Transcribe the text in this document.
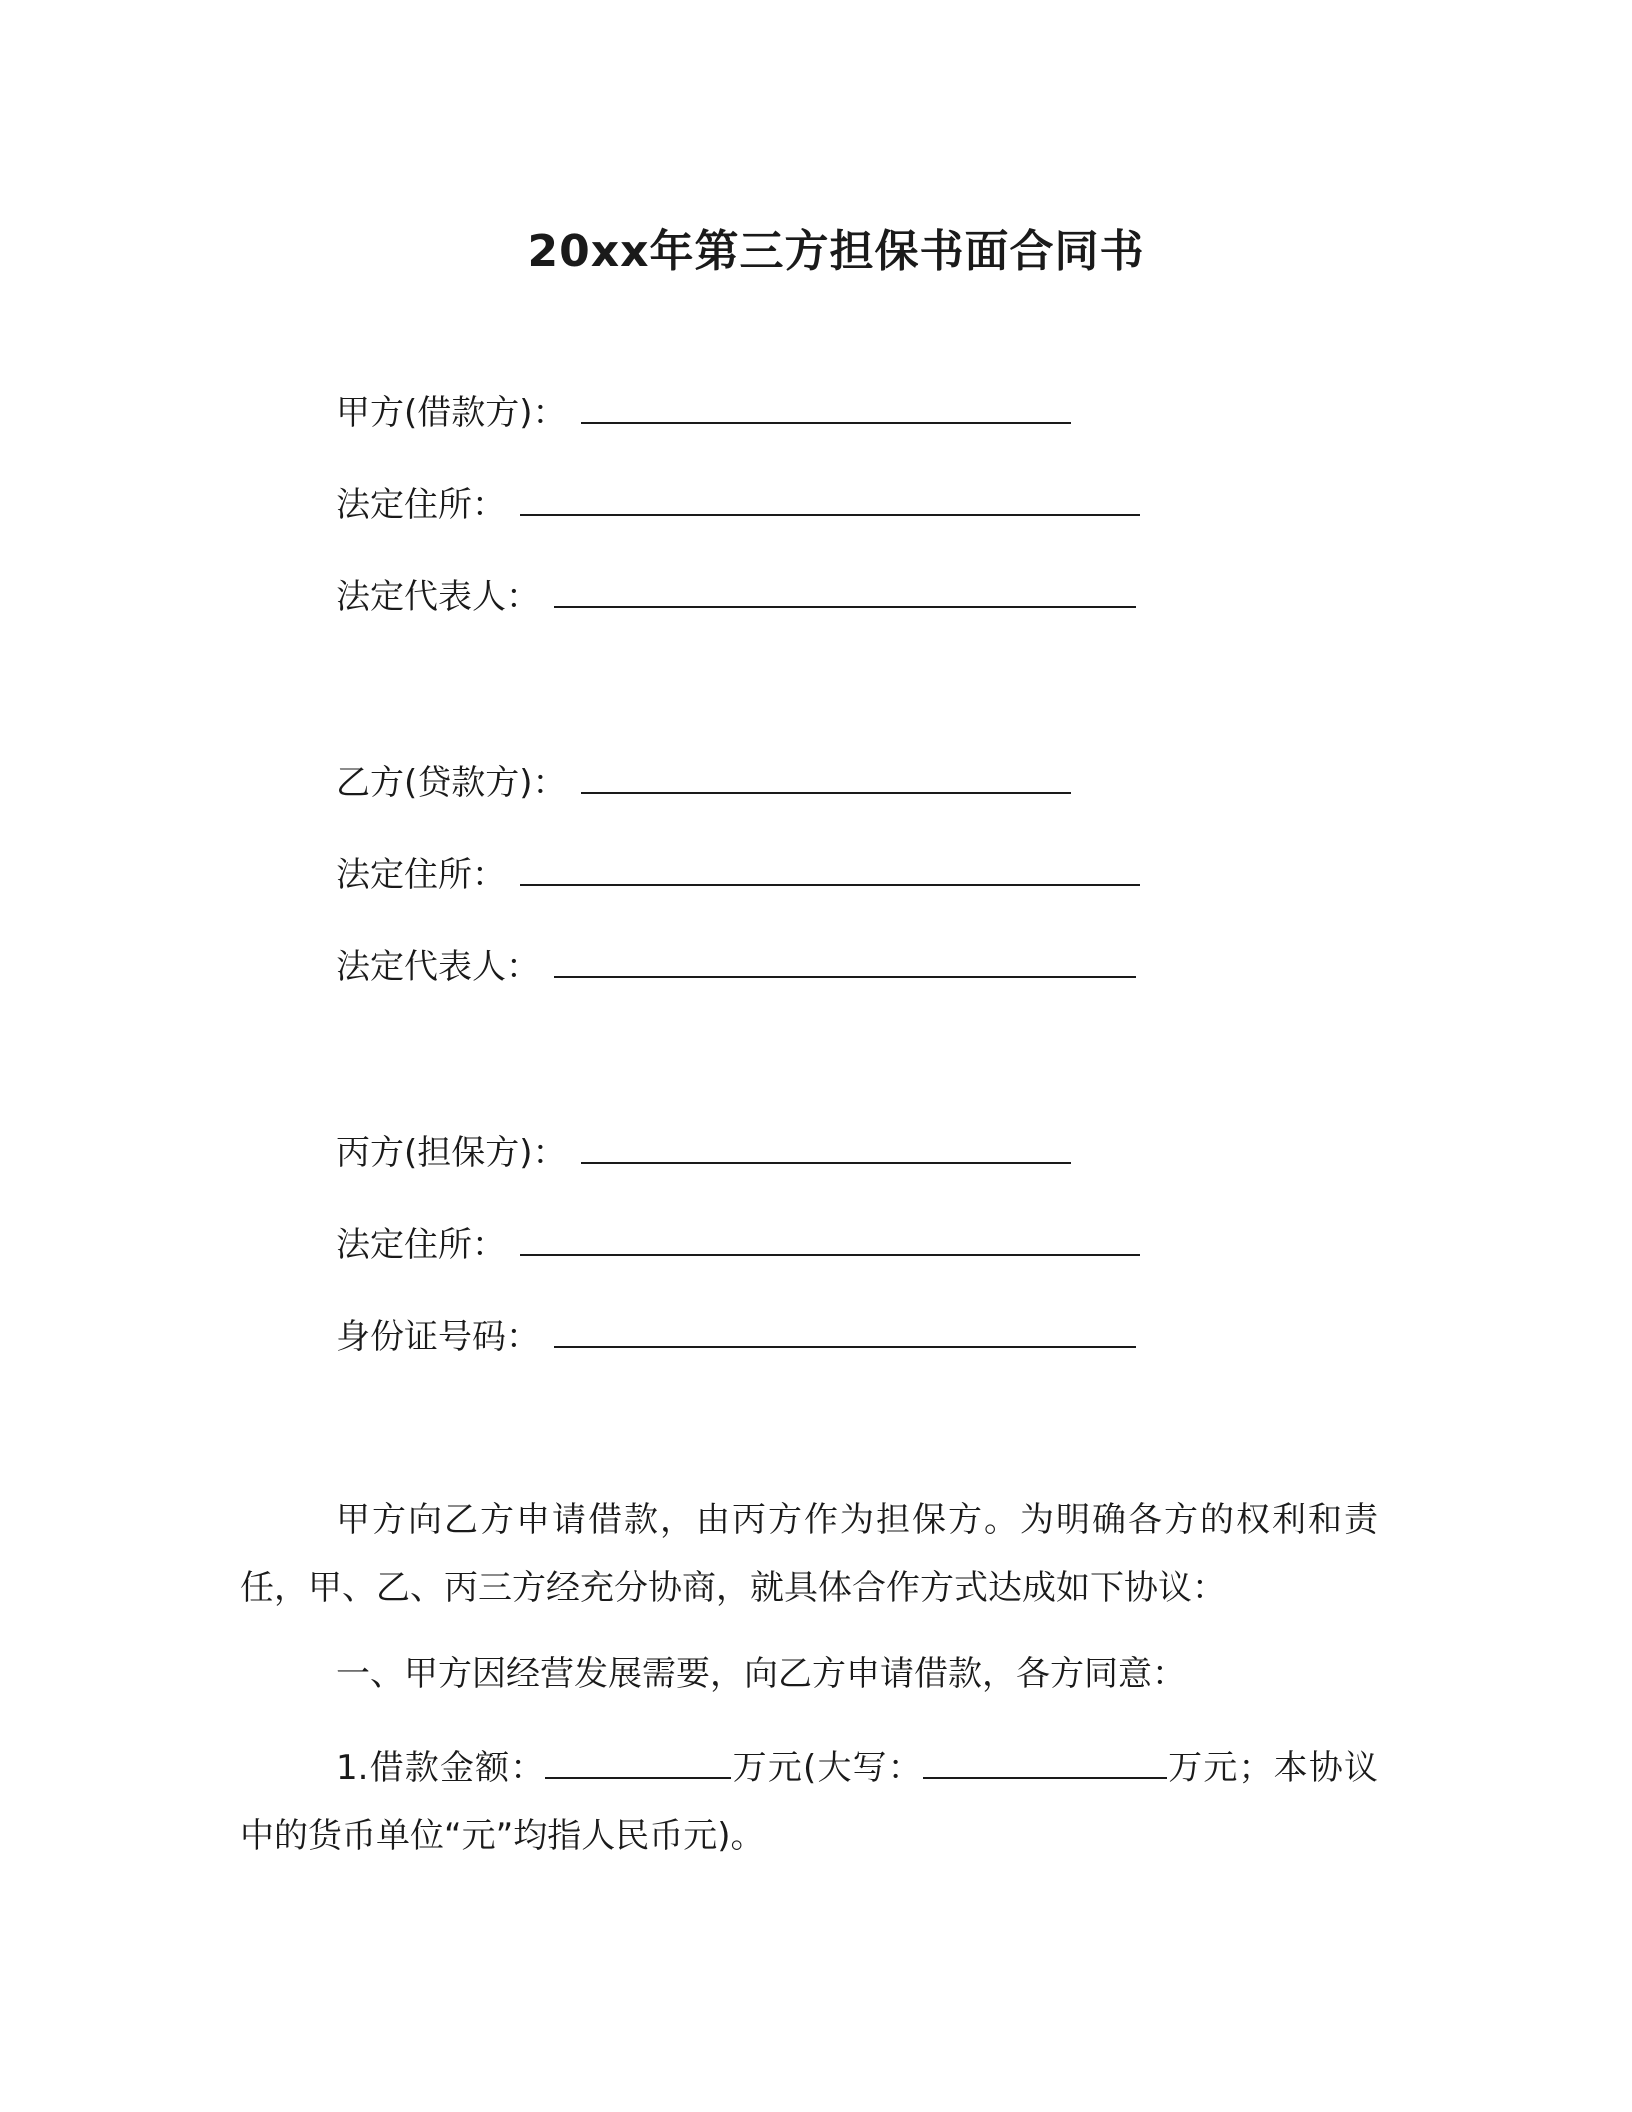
20xx年第三方担保书面合同书
甲方(借款方)：
法定住所：
法定代表人：
乙方(贷款方)：
法定住所：
法定代表人：
丙方(担保方)：
法定住所：
身份证号码：

甲方向乙方申请借款，由丙方作为担保方。为明确各方的权利和责任，甲、乙、丙三方经充分协商，就具体合作方式达成如下协议：

一、甲方因经营发展需要，向乙方申请借款，各方同意：

1.借款金额：	万元(大写：	万元；本协议中的货币单位“元”均指人民币元)。
